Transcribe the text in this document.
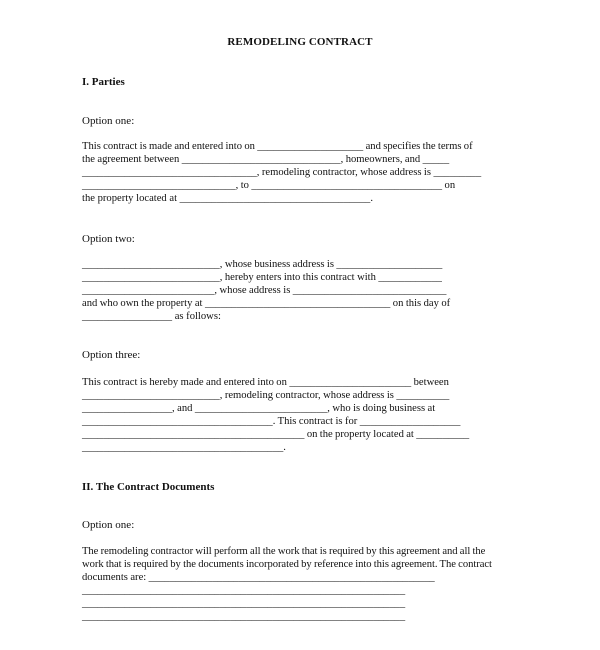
REMODELING CONTRACT
I. Parties
Option one:
This contract is made and entered into on ____________________ and specifies the terms of
the agreement between ______________________________, homeowners, and _____
_________________________________, remodeling contractor, whose address is _________
_____________________________, to ____________________________________ on
the property located at ____________________________________.
Option two:
__________________________, whose business address is ____________________
__________________________, hereby enters into this contract with ____________
_________________________, whose address is _____________________________
and who own the property at ___________________________________ on this day of
_________________ as follows:
Option three:
This contract is hereby made and entered into on _______________________ between
__________________________, remodeling contractor, whose address is __________
_________________, and _________________________, who is doing business at
____________________________________. This contract is for ___________________
__________________________________________ on the property located at __________
______________________________________.
II. The Contract Documents
Option one:
The remodeling contractor will perform all the work that is required by this agreement and all the
work that is required by the documents incorporated by reference into this agreement. The contract
documents are: ______________________________________________________
_____________________________________________________________
_____________________________________________________________
_____________________________________________________________
